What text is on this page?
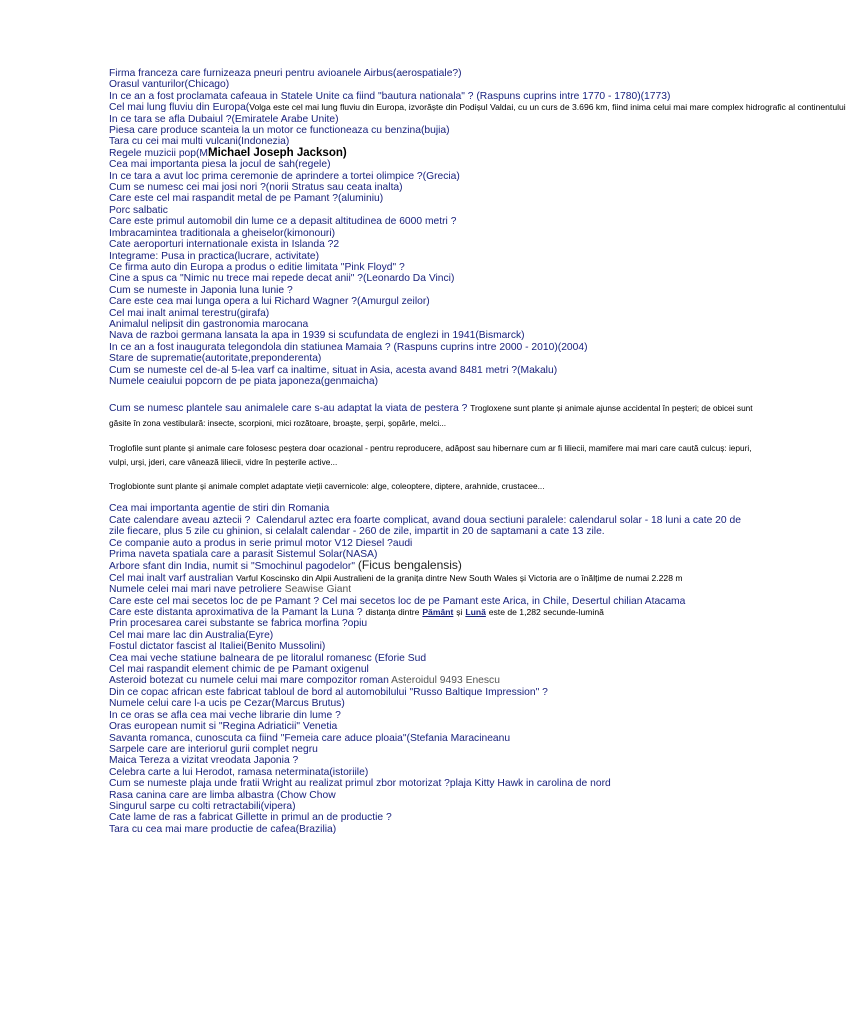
Firma franceza care furnizeaza pneuri pentru avioanele Airbus(aerospatiale?)
Orasul vanturilor(Chicago)
In ce an a fost proclamata cafeaua in Statele Unite ca fiind "bautura nationala" ? (Raspuns cuprins intre 1770 - 1780)(1773)
Cel mai lung fluviu din Europa(Volga este cel mai lung fluviu din Europa, izvorăște din Podișul Valdai, cu un curs de 3.696 km, fiind inima celui mai mare complex hidrografic al continentului
In ce tara se afla Dubaiul ?(Emiratele Arabe Unite)
Piesa care produce scanteia la un motor ce functioneaza cu benzina(bujia)
Tara cu cei mai multi vulcani(Indonezia)
Regele muzicii pop(MMichael Joseph Jackson)
Cea mai importanta piesa la jocul de sah(regele)
In ce tara a avut loc prima ceremonie de aprindere a tortei olimpice ?(Grecia)
Cum se numesc cei mai josi nori ?(norii Stratus sau ceata inalta)
Care este cel mai raspandit metal de pe Pamant ?(aluminiu)
Porc salbatic
Care este primul automobil din lume ce a depasit altitudinea de 6000 metri ?
Imbracamintea traditionala a gheiselor(kimonouri)
Cate aeroporturi internationale exista in Islanda ?2
Integrame: Pusa in practica(lucrare, activitate)
Ce firma auto din Europa a produs o editie limitata "Pink Floyd" ?
Cine a spus ca "Nimic nu trece mai repede decat anii" ?(Leonardo Da Vinci)
Cum se numeste in Japonia luna Iunie ?
Care este cea mai lunga opera a lui Richard Wagner ?(Amurgul zeilor)
Cel mai inalt animal terestru(girafa)
Animalul nelipsit din gastronomia marocana
Nava de razboi germana lansata la apa in 1939 si scufundata de englezi in 1941(Bismarck)
In ce an a fost inaugurata telegondola din statiunea Mamaia ? (Raspuns cuprins intre 2000 - 2010)(2004)
Stare de suprematie(autoritate,preponderenta)
Cum se numeste cel de-al 5-lea varf ca inaltime, situat in Asia, acesta avand 8481 metri ?(Makalu)
Numele ceaiului popcorn de pe piata japoneza(genmaicha)
Cum se numesc plantele sau animalele care s-au adaptat la viata de pestera ? Trogloxene sunt plante și animale ajunse accidental în peșteri; de obicei sunt găsite în zona vestibulară: insecte, scorpioni, mici rozătoare, broaște, șerpi, șopârle, melci...
Troglofile sunt plante și animale care folosesc peștera doar ocazional - pentru reproducere, adăpost sau hibernare cum ar fi liliecii, mamifere mai mari care caută culcuș: iepuri, vulpi, urși, jderi, care vânează liliecii, vidre în peșterile active...
Troglobionte sunt plante și animale complet adaptate vieții cavernicole: alge, coleoptere, diptere, arahnide, crustacee...
Cea mai importanta agentie de stiri din Romania
Cate calendare aveau aztecii ? Calendarul aztec era foarte complicat, avand doua sectiuni paralele: calendarul solar - 18 luni a cate 20 de zile fiecare, plus 5 zile cu ghinion, si celalalt calendar - 260 de zile, impartit in 20 de saptamani a cate 13 zile.
Ce companie auto a produs in serie primul motor V12 Diesel ?audi
Prima naveta spatiala care a parasit Sistemul Solar(NASA)
Arbore sfant din India, numit si "Smochinul pagodelor" (Ficus bengalensis)
Cel mai inalt varf australian Varful Koscinsko din Alpii Australieni de la granița dintre New South Wales și Victoria are o înălțime de numai 2.228 m
Numele celei mai mari nave petroliere Seawise Giant
Care este cel mai secetos loc de pe Pamant ? Cel mai secetos loc de pe Pamant este Arica, in Chile, Desertul chilian Atacama
Care este distanta aproximativa de la Pamant la Luna ? distanța dintre Pământ și Lună este de 1,282 secunde-lumină
Prin procesarea carei substante se fabrica morfina ?opiu
Cel mai mare lac din Australia(Eyre)
Fostul dictator fascist al Italiei(Benito Mussolini)
Cea mai veche statiune balneara de pe litoralul romanesc (Eforie Sud
Cel mai raspandit element chimic de pe Pamant oxigenul
Asteroid botezat cu numele celui mai mare compozitor roman Asteroidul 9493 Enescu
Din ce copac african este fabricat tabloul de bord al automobilului "Russo Baltique Impression" ?
Numele celui care l-a ucis pe Cezar(Marcus Brutus)
In ce oras se afla cea mai veche librarie din lume ?
Oras european numit si "Regina Adriaticii" Venetia
Savanta romanca, cunoscuta ca fiind "Femeia care aduce ploaia"(Stefania Maracineanu
Sarpele care are interiorul gurii complet negru
Maica Tereza a vizitat vreodata Japonia ?
Celebra carte a lui Herodot, ramasa neterminata(istoriile)
Cum se numeste plaja unde fratii Wright au realizat primul zbor motorizat ?plaja Kitty Hawk in carolina de nord
Rasa canina care are limba albastra (Chow Chow
Singurul sarpe cu colti retractabili(vipera)
Cate lame de ras a fabricat Gillette in primul an de productie ?
Tara cu cea mai mare productie de cafea(Brazilia)
